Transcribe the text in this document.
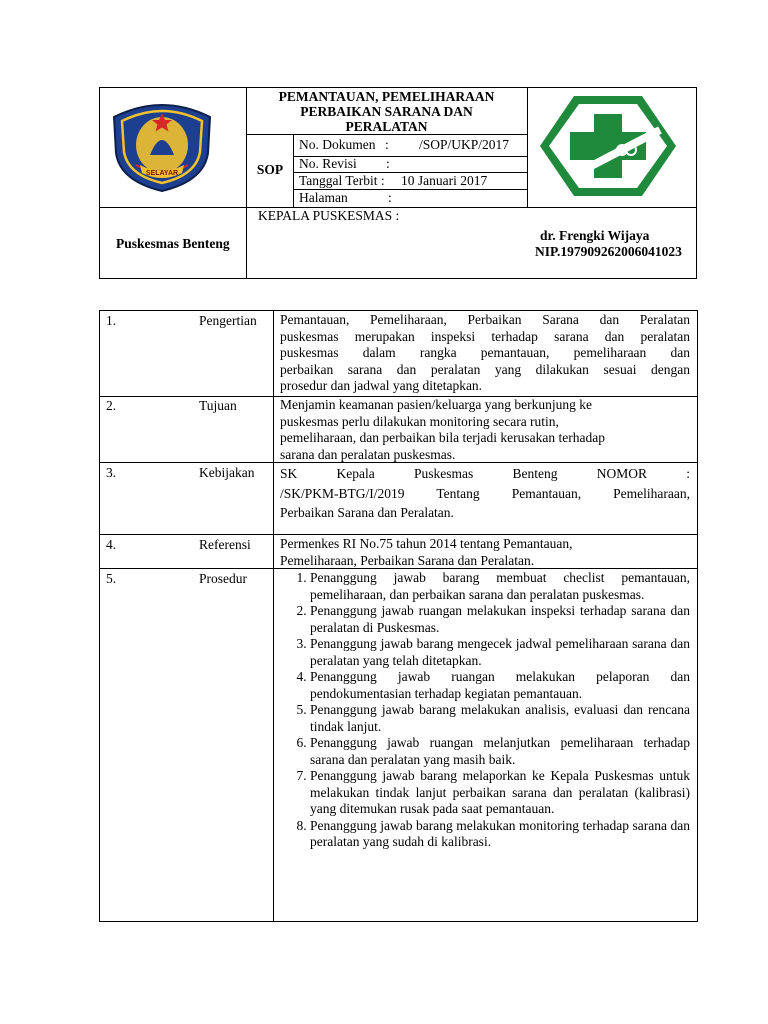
SELAYAR
PEMANTAUAN, PEMELIHARAAN
PERBAIKAN SARANA DAN
PERALATAN
SOP
No. Dokumen : /SOP/UKP/2017
No. Revisi :
Tanggal Terbit : 10 Januari 2017
Halaman	:
Puskesmas Benteng
KEPALA PUSKESMAS :
dr. Frengki Wijaya
NIP.197909262006041023
1.	Pengertian Pemantauan, Pemeliharaan, Perbaikan Sarana dan Peralatan
puskesmas merupakan inspeksi terhadap sarana dan peralatan
puskesmas dalam rangka pemantauan, pemeliharaan dan
perbaikan sarana dan peralatan yang dilakukan sesuai dengan
prosedur dan jadwal yang ditetapkan.
2.	Tujuan	Menjamin keamanan pasien/keluarga yang berkunjung ke
puskesmas perlu dilakukan monitoring secara rutin,
pemeliharaan, dan perbaikan bila terjadi kerusakan terhadap
sarana dan peralatan puskesmas.
3.	Kebijakan SK Kepala Puskesmas Benteng NOMOR :
/SK/PKM-BTG/I/2019 Tentang Pemantauan, Pemeliharaan,
Perbaikan Sarana dan Peralatan.
4.	Referensi Permenkes RI No.75 tahun 2014 tentang Pemantauan,
Pemeliharaan, Perbaikan Sarana dan Peralatan.
5.	Prosedur
1.	Penanggung jawab barang membuat checlist pemantauan, pemeliharaan, dan perbaikan sarana dan peralatan puskesmas.
2. Penanggung jawab ruangan melakukan inspeksi terhadap sarana dan peralatan di Puskesmas.
3. Penanggung jawab barang mengecek jadwal pemeliharaan sarana dan peralatan yang telah ditetapkan.
4. Penanggung jawab ruangan melakukan pelaporan dan pendokumentasian terhadap kegiatan pemantauan.
5. Penanggung jawab barang melakukan analisis, evaluasi dan rencana tindak lanjut.
6. Penanggung jawab ruangan melanjutkan pemeliharaan terhadap sarana dan peralatan yang masih baik.
7. Penanggung jawab barang melaporkan ke Kepala Puskesmas untuk melakukan tindak lanjut perbaikan sarana dan peralatan (kalibrasi) yang ditemukan rusak pada saat pemantauan.
8. Penanggung jawab barang melakukan monitoring terhadap sarana dan peralatan yang sudah di kalibrasi.
